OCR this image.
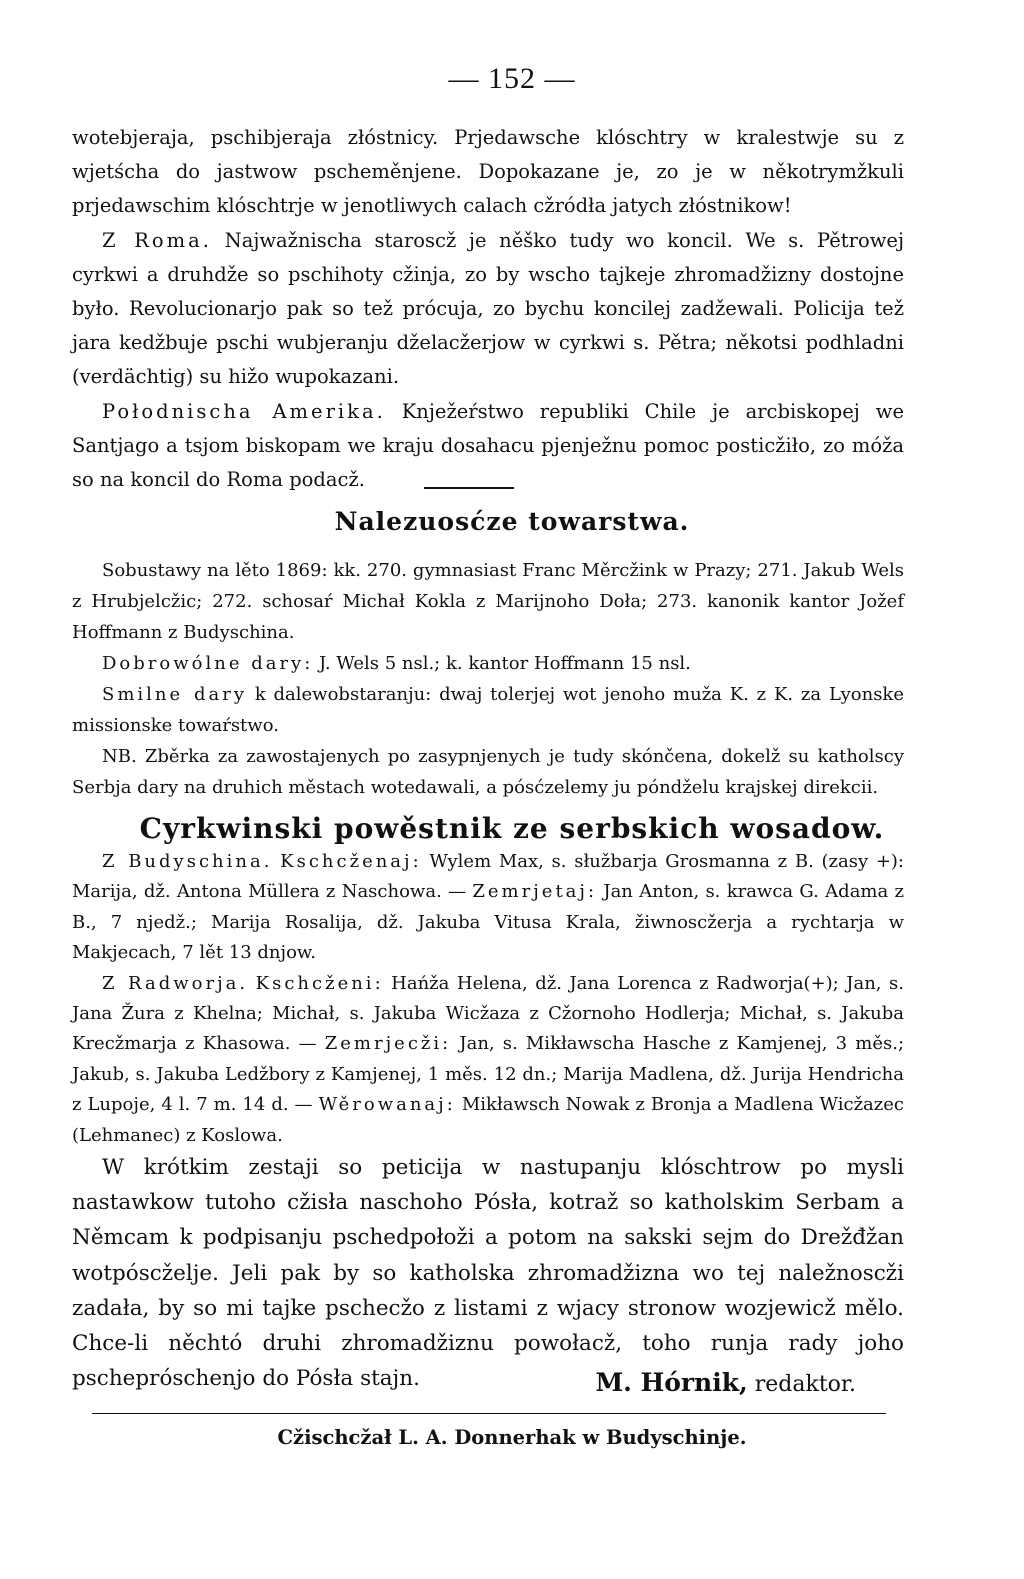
— 152 —

wotebjeraja, pschibjeraja złóstnicy. Prjedawsche klóschtry w kralestwje su z wjetścha do jastwow pscheměnjene. Dopokazane je, zo je w někotrymžkuli prjedawschim klóschtrje w jenotliwych calach cžródła jatych złóstnikow!

Z Roma. Najwažnischa staroscž je něško tudy wo koncil. We s. Pětrowej cyrkwi a druhdže so pschihoty cžinja, zo by wscho tajkeje zhromadžizny dostojne było. Revolucionarjo pak so tež prócuja, zo bychu koncilej zadžewali. Policija tež jara kedžbuje pschi wubjeranju dželacžerjow w cyrkwi s. Pětra; někotsi podhladni (verdächtig) su hižo wupokazani.

Połodnischa Amerika. Knježeŕstwo republiki Chile je arcbiskopej we Santjago a tsjom biskopam we kraju dosahacu pjenježnu pomoc posticžiło, zo móža so na koncil do Roma podacž.

Nalezuosćze towarstwa.

Sobustawy na lěto 1869: kk. 270. gymnasiast Franc Měrcžink w Prazy; 271. Jakub Wels z Hrubjelcžic; 272. schosaŕ Michał Kokla z Marijnoho Doła; 273. kanonik kantor Jožef Hoffmann z Budyschina.

Dobrowólne dary: J. Wels 5 nsl.; k. kantor Hoffmann 15 nsl.

Smilne dary k dalewobstaranju: dwaj tolerjej wot jenoho muža K. z K. za Lyonske missionske towaŕstwo.

NB. Zběrka za zawostajenych po zasypnjenych je tudy skónčena, dokelž su katholscy Serbja dary na druhich městach wotedawali, a pósćzelemy ju póndželu krajskej direkcii.

Cyrkwinski powěstnik ze serbskich wosadow.

Z Budyschina. Kschcženaj: Wylem Max, s. słužbarja Grosmanna z B. (zasy +): Marija, dž. Antona Müllera z Naschowa. — Zemrjetaj: Jan Anton, s. krawca G. Adama z B., 7 njedž.; Marija Rosalija, dž. Jakuba Vitusa Krala, žiwnoscžerja a rychtarja w Makjecach, 7 lět 13 dnjow.

Z Radworja. Kschcženi: Hańža Helena, dž. Jana Lorenca z Radworja(+); Jan, s. Jana Žura z Khelna; Michał, s. Jakuba Wicžaza z Cžornoho Hodlerja; Michał, s. Jakuba Krecžmarja z Khasowa. — Zemrjecži: Jan, s. Mikławscha Hasche z Kamjenej, 3 měs.; Jakub, s. Jakuba Ledžbory z Kamjenej, 1 měs. 12 dn.; Marija Madlena, dž. Jurija Hendricha z Lupoje, 4 l. 7 m. 14 d. — Wěrowanaj: Mikławsch Nowak z Bronja a Madlena Wicžazec (Lehmanec) z Koslowa.

W krótkim zestaji so peticija w nastupanju klóschtrow po mysli nastawkow tutoho cžisła naschoho Pósła, kotraž so katholskim Serbam a Němcam k podpisanju pschedpołoži a potom na sakski sejm do Drežđžan wotpóscželje. Jeli pak by so katholska zhromadžizna wo tej naležnoscži zadała, by so mi tajke pschecžo z listami z wjacy stronow wozjewicž mělo. Chce-li něchtó druhi zhromadžiznu powołacž, toho runja rady joho pschepróschenjo do Pósła stajn.	M. Hórnik, redaktor.
Cžischcžał L. A. Donnerhak w Budyschinje.
